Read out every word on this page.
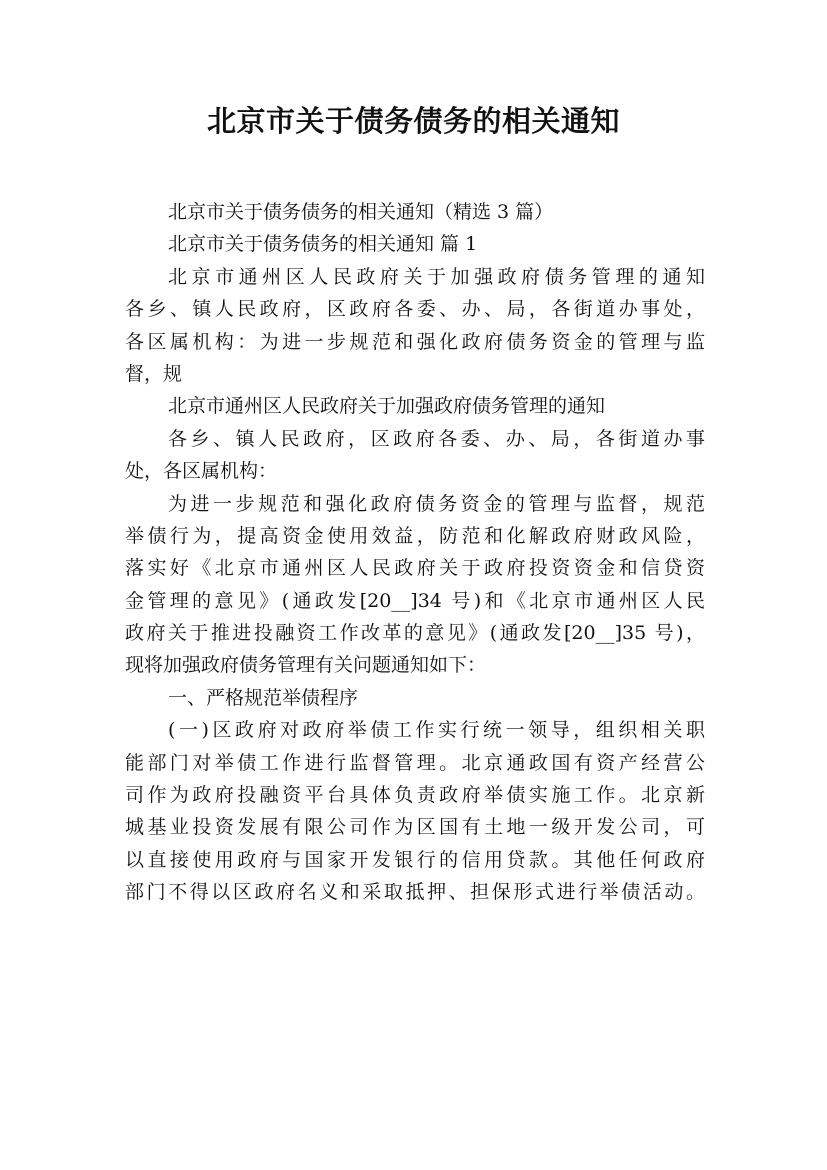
北京市关于债务债务的相关通知
北京市关于债务债务的相关通知（精选 3 篇）
北京市关于债务债务的相关通知 篇 1
北京市通州区人民政府关于加强政府债务管理的通知
各乡、镇人民政府，区政府各委、办、局，各街道办事处，
各区属机构：为进一步规范和强化政府债务资金的管理与监
督，规
北京市通州区人民政府关于加强政府债务管理的通知
各乡、镇人民政府，区政府各委、办、局，各街道办事
处，各区属机构：
为进一步规范和强化政府债务资金的管理与监督，规范
举债行为，提高资金使用效益，防范和化解政府财政风险，
落实好《北京市通州区人民政府关于政府投资资金和信贷资
金管理的意见》(通政发[20__]34 号)和《北京市通州区人民
政府关于推进投融资工作改革的意见》(通政发[20__]35 号)，
现将加强政府债务管理有关问题通知如下：
一、严格规范举债程序
(一)区政府对政府举债工作实行统一领导，组织相关职
能部门对举债工作进行监督管理。北京通政国有资产经营公
司作为政府投融资平台具体负责政府举债实施工作。北京新
城基业投资发展有限公司作为区国有土地一级开发公司，可
以直接使用政府与国家开发银行的信用贷款。其他任何政府
部门不得以区政府名义和采取抵押、担保形式进行举债活动。
